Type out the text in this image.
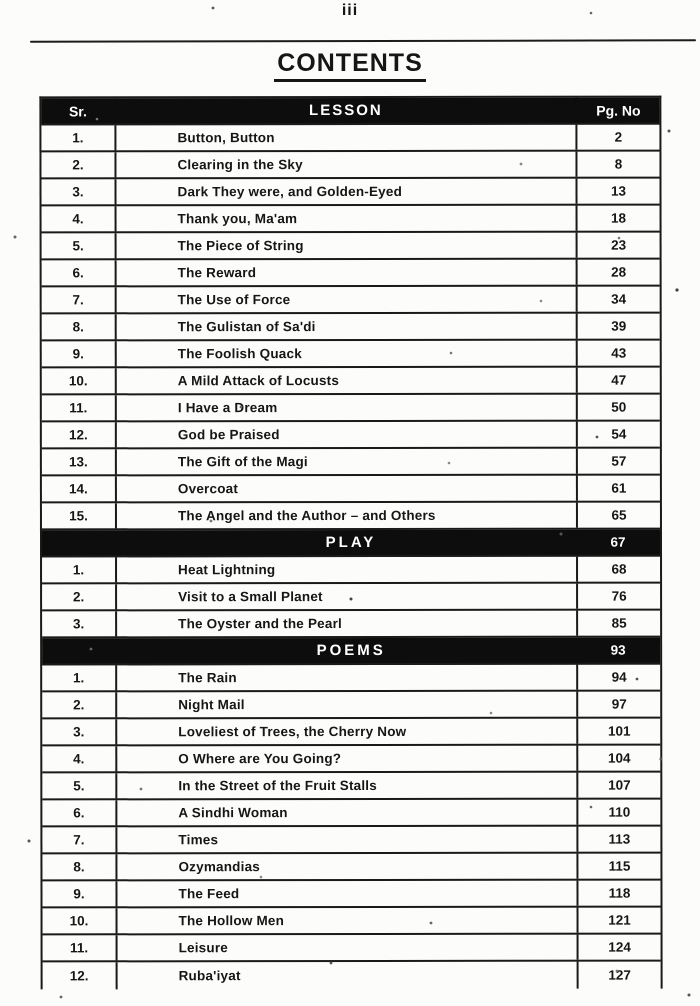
iii
CONTENTS
Sr.	LESSON	Pg. No
1.	Button, Button	2
2.	Clearing in the Sky	8
3.	Dark They were, and Golden-Eyed	13
4.	Thank you, Ma'am	18
5.	The Piece of String	23
6.	The Reward	28
7.	The Use of Force	34
8.	The Gulistan of Sa'di	39
9.	The Foolish Quack	43
10.	A Mild Attack of Locusts	47
11.	I Have a Dream	50
12.	God be Praised	54
13.	The Gift of the Magi	57
14.	Overcoat	61
15.	The Angel and the Author – and Others	65
PLAY	67
1.	Heat Lightning	68
2.	Visit to a Small Planet	76
3.	The Oyster and the Pearl	85
POEMS	93
1.	The Rain	94
2.	Night Mail	97
3.	Loveliest of Trees, the Cherry Now	101
4.	O Where are You Going?	104
5.	In the Street of the Fruit Stalls	107
6.	A Sindhi Woman	110
7.	Times	113
8.	Ozymandias	115
9.	The Feed	118
10.	The Hollow Men	121
11.	Leisure	124
12.	Ruba'iyat	127
